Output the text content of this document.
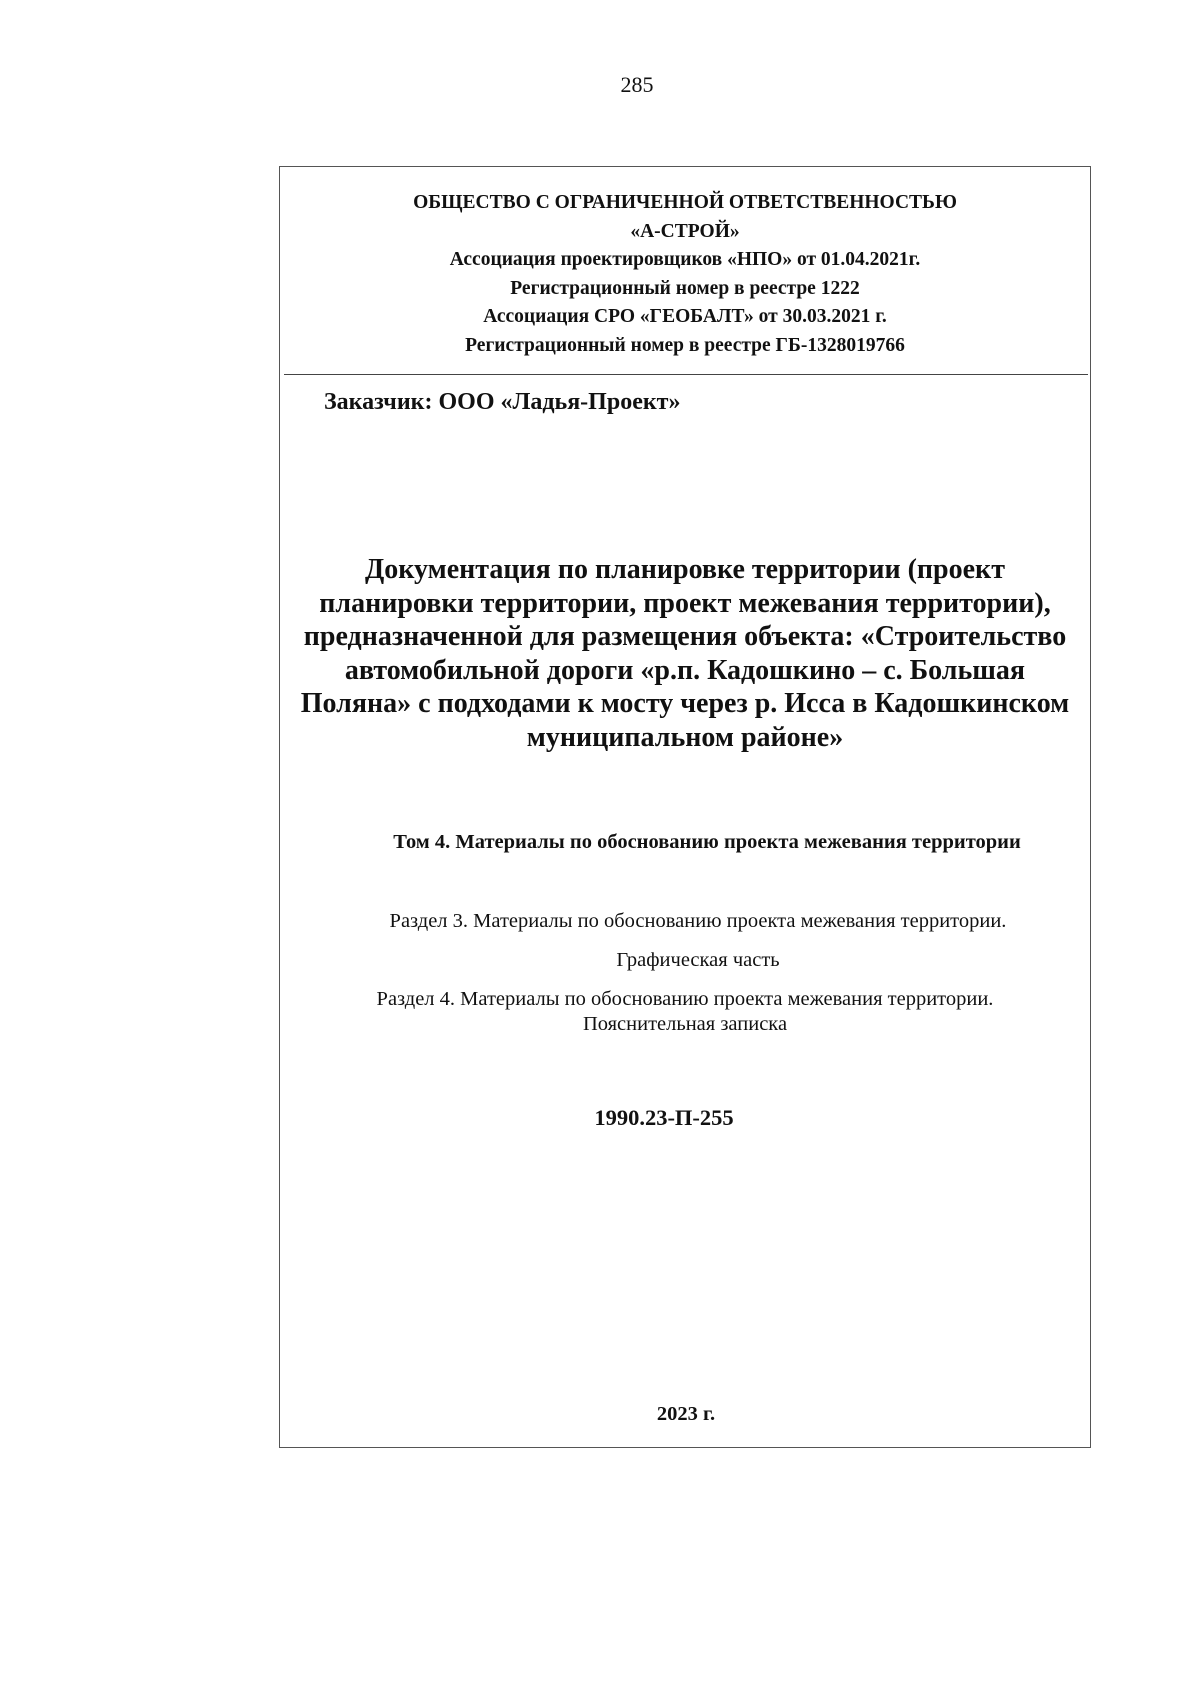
285
ОБЩЕСТВО С ОГРАНИЧЕННОЙ ОТВЕТСТВЕННОСТЬЮ
«А-СТРОЙ»
Ассоциация проектировщиков «НПО» от 01.04.2021г.
Регистрационный номер в реестре 1222
Ассоциация СРО «ГЕОБАЛТ» от 30.03.2021 г.
Регистрационный номер в реестре ГБ-1328019766
Заказчик: ООО «Ладья-Проект»
Документация по планировке территории (проект
планировки территории, проект межевания территории),
предназначенной для размещения объекта: «Строительство
автомобильной дороги «р.п. Кадошкино – с. Большая
Поляна» с подходами к мосту через р. Исса в Кадошкинском
муниципальном районе»
Том 4. Материалы по обоснованию проекта межевания территории
Раздел 3. Материалы по обоснованию проекта межевания территории.
Графическая часть
Раздел 4. Материалы по обоснованию проекта межевания территории.
Пояснительная записка
1990.23-П-255
2023 г.
